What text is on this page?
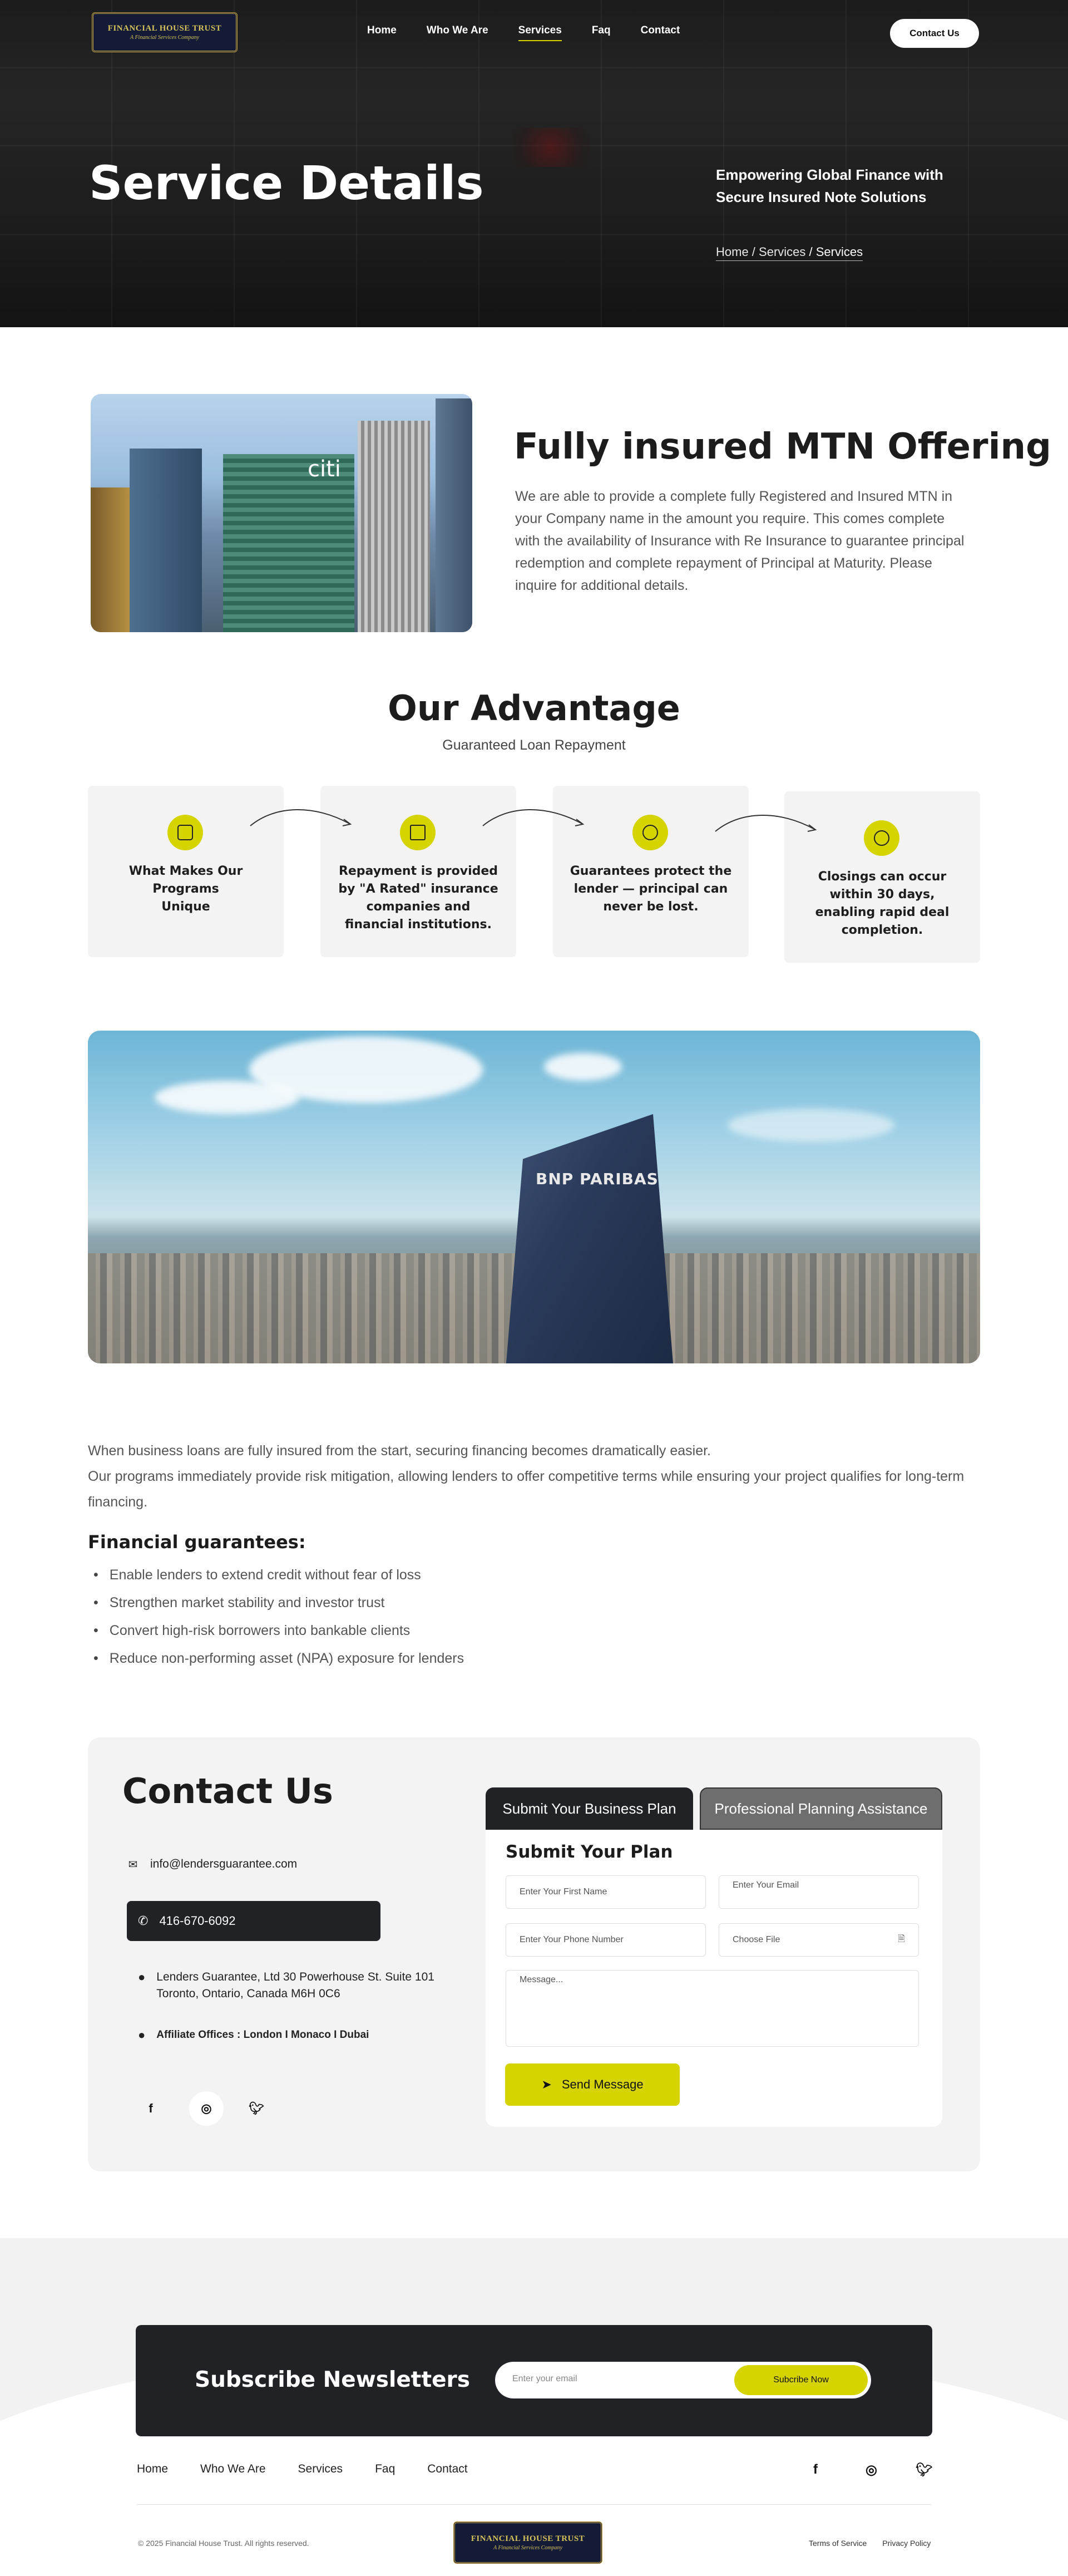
FINANCIAL HOUSE TRUST
A Financial Services Company
Home	Who We Are	Services	Faq	Contact	Contact Us
Service Details	Empowering Global Finance with Secure Insured Note Solutions
Home / Services / Services
citi
Fully insured MTN Offering

We are able to provide a complete fully Registered and Insured MTN in your Company name in the amount you require. This comes complete with the availability of Insurance with Re Insurance to guarantee principal redemption and complete repayment of Principal at Maturity. Please inquire for additional details.

Our Advantage
Guaranteed Loan Repayment
What Makes Our Programs Unique
Repayment is provided by "A Rated" insurance companies and financial institutions.
Guarantees protect the lender — principal can never be lost.
Closings can occur within 30 days, enabling rapid deal completion.
BNP PARIBAS
When business loans are fully insured from the start, securing financing becomes dramatically easier.
Our programs immediately provide risk mitigation, allowing lenders to offer competitive terms while ensuring your project qualifies for long-term financing.
Financial guarantees:
• Enable lenders to extend credit without fear of loss
• Strengthen market stability and investor trust
• Convert high-risk borrowers into bankable clients
• Reduce non-performing asset (NPA) exposure for lenders
Contact Us
✉ info@lendersguarantee.com
✆ 416-670-6092
● Lenders Guarantee, Ltd 30 Powerhouse St. Suite 101
Toronto, Ontario, Canada M6H 0C6
● Affiliate Offices : London I Monaco I Dubai
f	◎	🐦︎
Submit Your Business Plan	Professional Planning Assistance
Submit Your Plan
Enter Your First Name
Enter Your Email
Enter Your Phone Number	Choose File	🗎︎
Message...
➤ Send Message
Subscribe Newsletters	Enter your email	Subcribe Now
Home	Who We Are	Services	Faq	Contact	f	◎	🐦︎
© 2025 Financial House Trust. All rights reserved.	FINANCIAL HOUSE TRUST
A Financial Services Company
Terms of Service Privacy Policy
